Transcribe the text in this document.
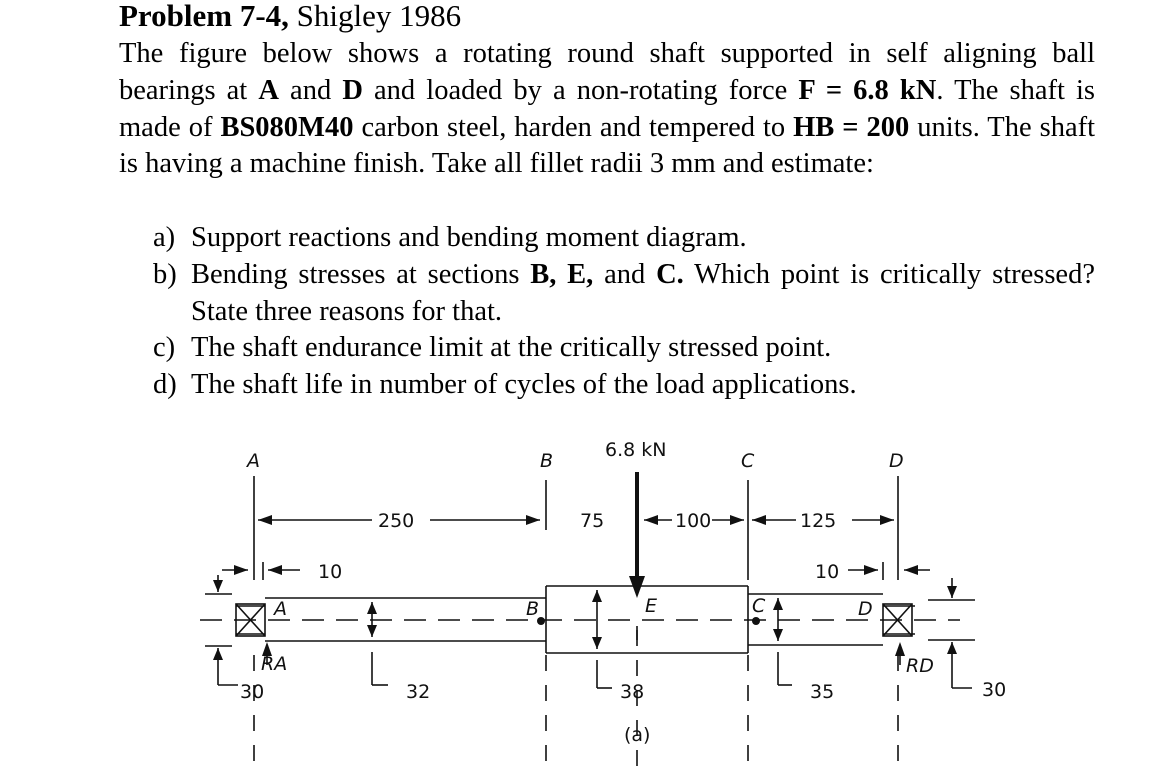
Problem 7-4, Shigley 1986
The figure below shows a rotating round shaft supported in self aligning ball bearings at A and D and loaded by a non-rotating force F = 6.8 kN. The shaft is made of BS080M40 carbon steel, harden and tempered to HB = 200 units. The shaft is having a machine finish. Take all fillet radii 3 mm and estimate:
a) Support reactions and bending moment diagram.
b) Bending stresses at sections B, E, and C. Which point is critically stressed? State three reasons for that.
c) The shaft endurance limit at the critically stressed point.
d) The shaft life in number of cycles of the load applications.
A	B	6.8 kN	C	D
250	75	100	125
10	10
A	B	E	C	D
RA	RD
30	32	38	35	30
(a)
